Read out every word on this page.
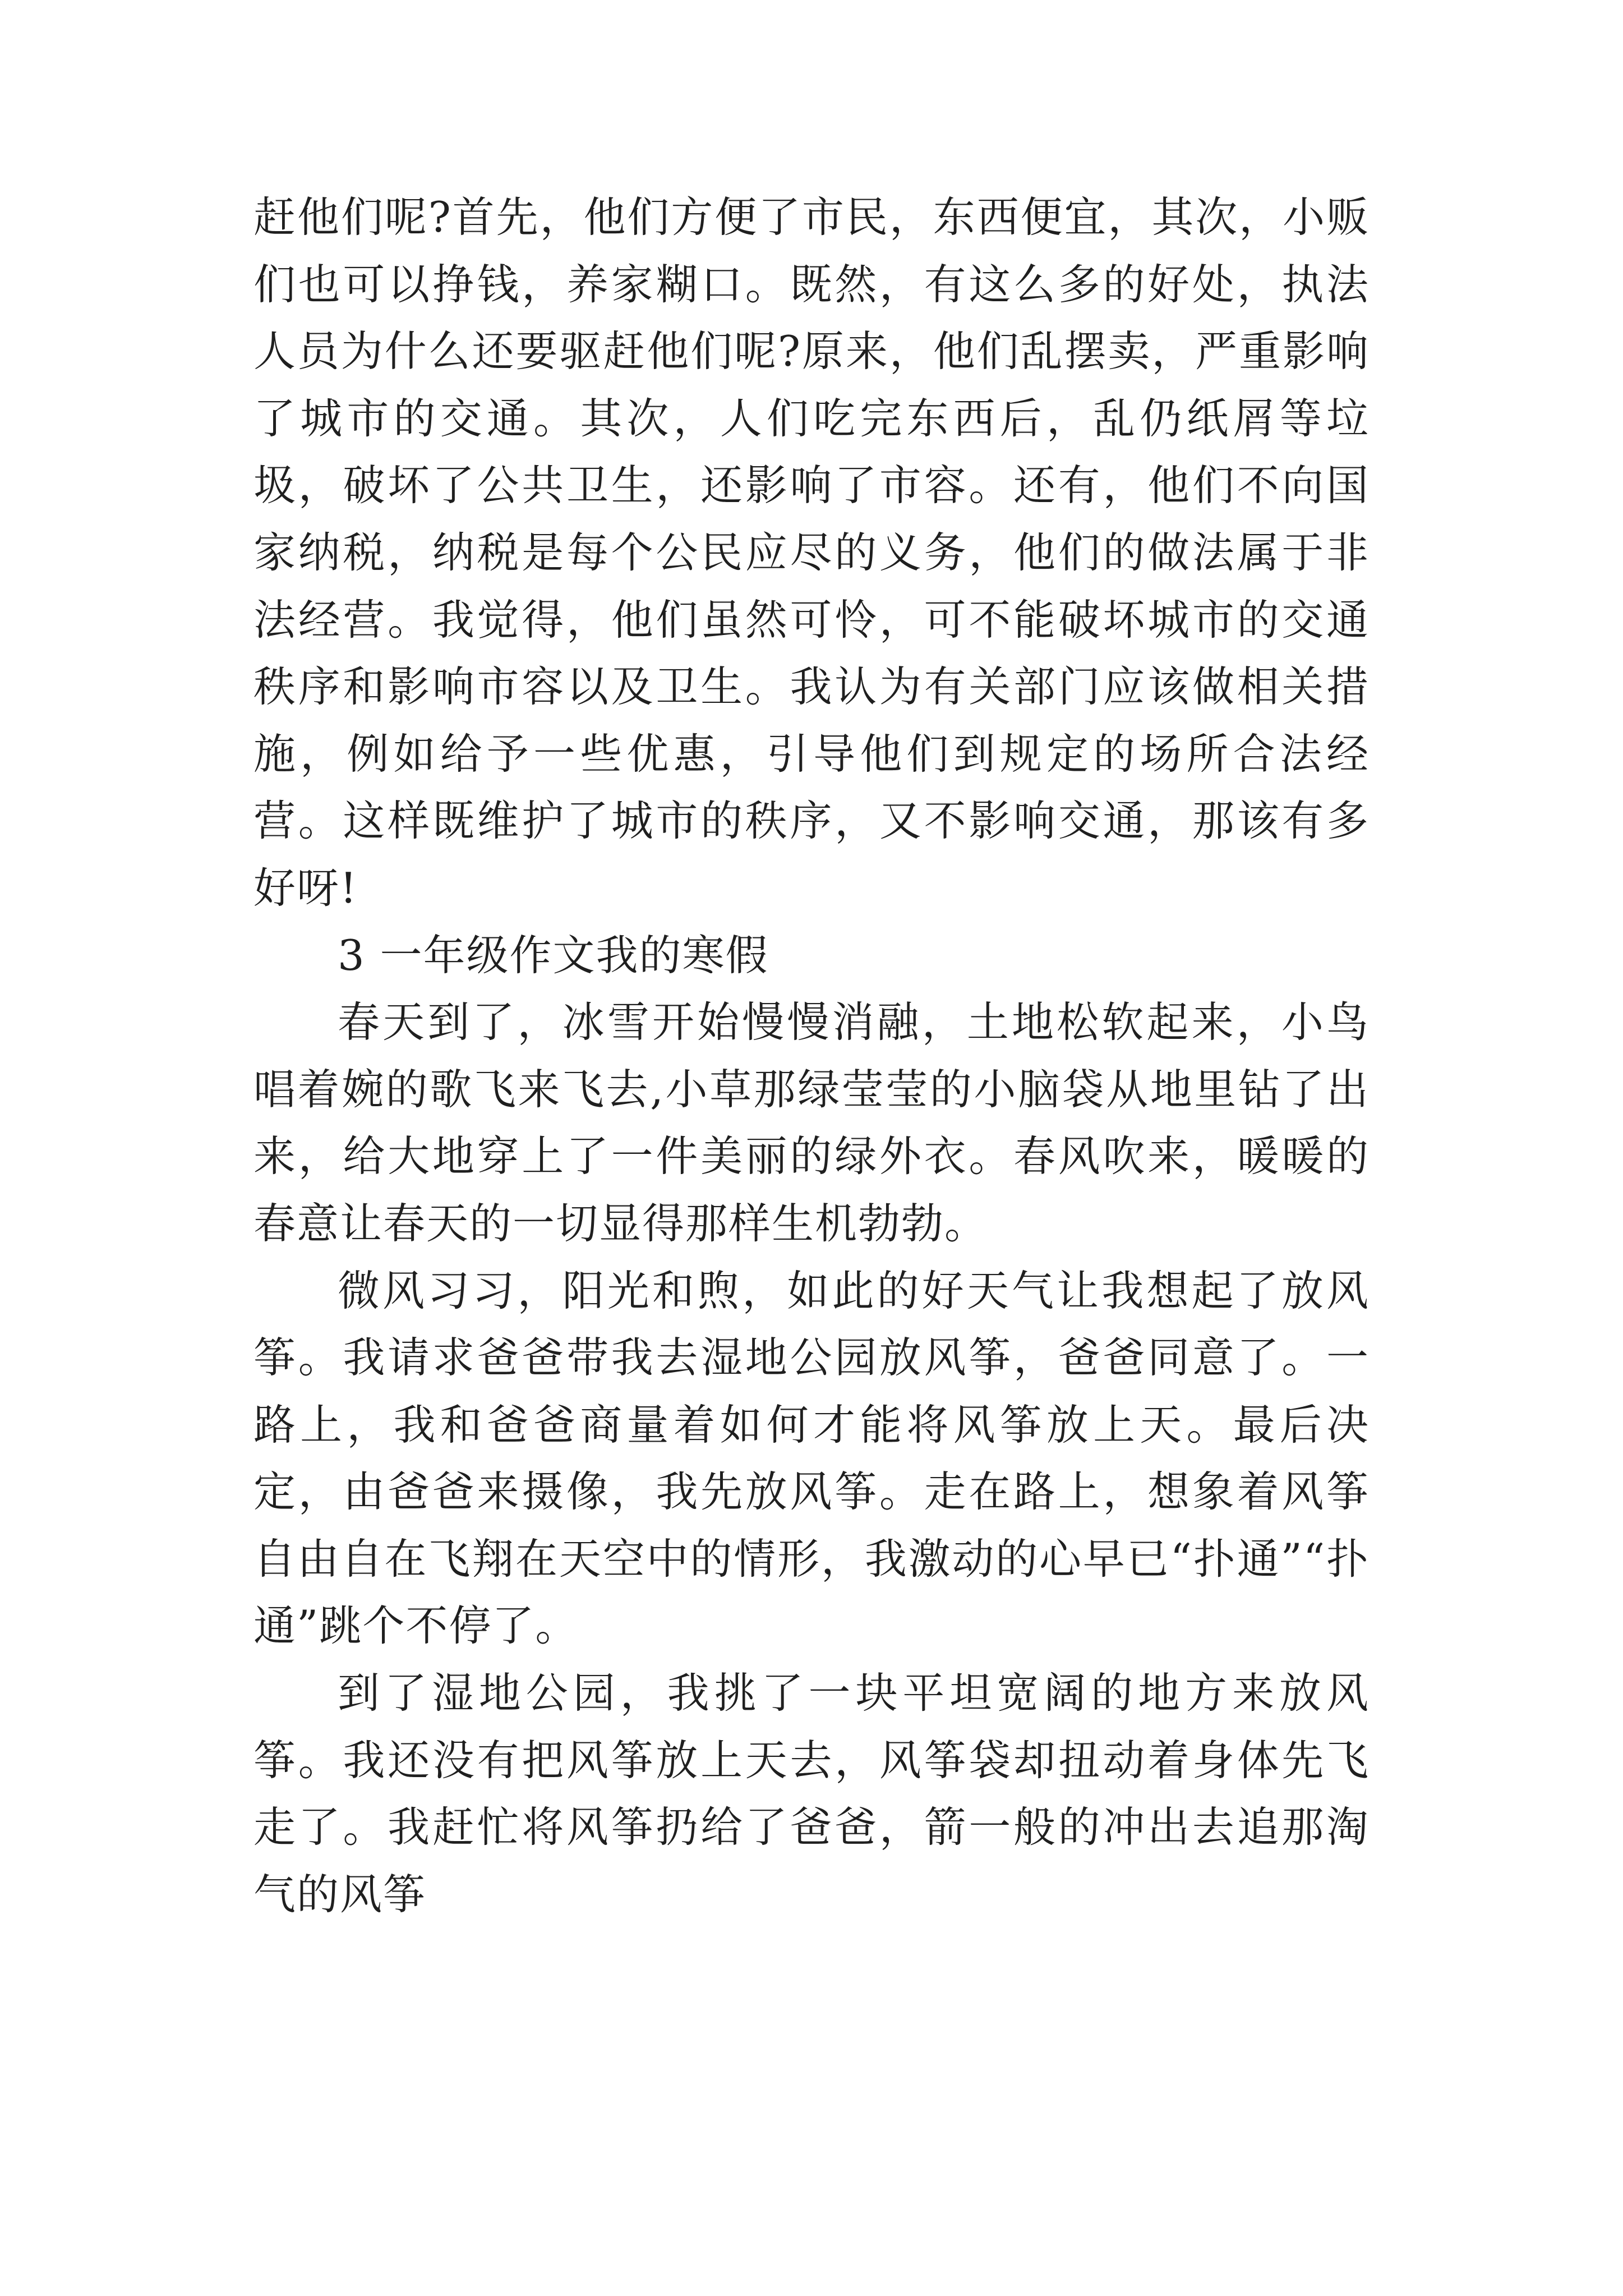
赶他们呢?首先，他们方便了市民，东西便宜，其次，小贩们也可以挣钱，养家糊口。既然，有这么多的好处，执法人员为什么还要驱赶他们呢?原来，他们乱摆卖，严重影响了城市的交通。其次，人们吃完东西后，乱仍纸屑等垃圾，破坏了公共卫生，还影响了市容。还有，他们不向国家纳税，纳税是每个公民应尽的义务，他们的做法属于非法经营。我觉得，他们虽然可怜，可不能破坏城市的交通秩序和影响市容以及卫生。我认为有关部门应该做相关措施，例如给予一些优惠，引导他们到规定的场所合法经营。这样既维护了城市的秩序，又不影响交通，那该有多好呀!

3 一年级作文我的寒假

春天到了，冰雪开始慢慢消融，土地松软起来，小鸟唱着婉的歌飞来飞去,小草那绿莹莹的小脑袋从地里钻了出来，给大地穿上了一件美丽的绿外衣。春风吹来，暖暖的春意让春天的一切显得那样生机勃勃。

微风习习，阳光和煦，如此的好天气让我想起了放风筝。我请求爸爸带我去湿地公园放风筝，爸爸同意了。一路上，我和爸爸商量着如何才能将风筝放上天。最后决定，由爸爸来摄像，我先放风筝。走在路上，想象着风筝自由自在飞翔在天空中的情形，我激动的心早已“扑通”“扑通”跳个不停了。

到了湿地公园，我挑了一块平坦宽阔的地方来放风筝。我还没有把风筝放上天去，风筝袋却扭动着身体先飞走了。我赶忙将风筝扔给了爸爸，箭一般的冲出去追那淘气的风筝
